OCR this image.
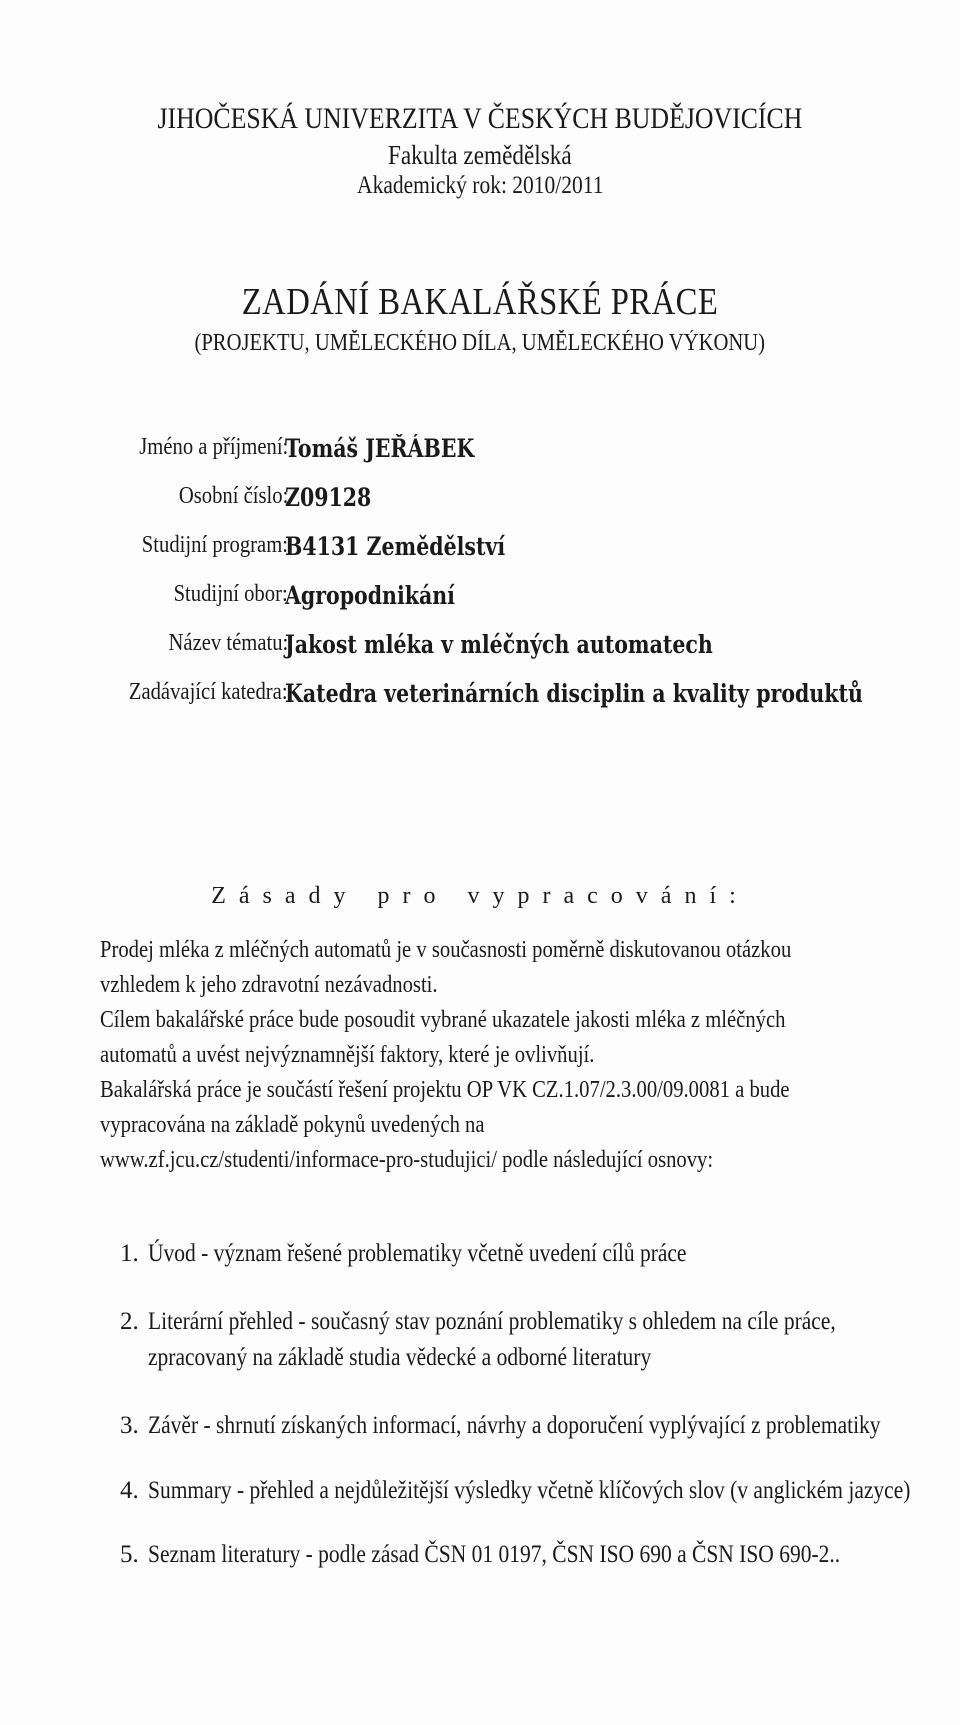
JIHOČESKÁ UNIVERZITA V ČESKÝCH BUDĚJOVICÍCH
Fakulta zemědělská
Akademický rok: 2010/2011
ZADÁNÍ BAKALÁŘSKÉ PRÁCE
(PROJEKTU, UMĚLECKÉHO DÍLA, UMĚLECKÉHO VÝKONU)
Jméno a příjmení:
Tomáš JEŘÁBEK
Osobní číslo:
Z09128
Studijní program:
B4131 Zemědělství
Studijní obor:
Agropodnikání
Název tématu:
Jakost mléka v mléčných automatech
Zadávající katedra:
Katedra veterinárních disciplin a kvality produktů
Zásady pro vypracování:
Prodej mléka z mléčných automatů je v současnosti poměrně diskutovanou otázkou
vzhledem k jeho zdravotní nezávadnosti.
Cílem bakalářské práce bude posoudit vybrané ukazatele jakosti mléka z mléčných
automatů a uvést nejvýznamnější faktory, které je ovlivňují.
Bakalářská práce je součástí řešení projektu OP VK CZ.1.07/2.3.00/09.0081 a bude
vypracována na základě pokynů uvedených na
www.zf.jcu.cz/studenti/informace-pro-studujici/ podle následující osnovy:
1. Úvod - význam řešené problematiky včetně uvedení cílů práce
2. Literární přehled - současný stav poznání problematiky s ohledem na cíle práce,
zpracovaný na základě studia vědecké a odborné literatury
3. Závěr - shrnutí získaných informací, návrhy a doporučení vyplývající z problematiky
4. Summary - přehled a nejdůležitější výsledky včetně klíčových slov (v anglickém jazyce)
5. Seznam literatury - podle zásad ČSN 01 0197, ČSN ISO 690 a ČSN ISO 690-2..
